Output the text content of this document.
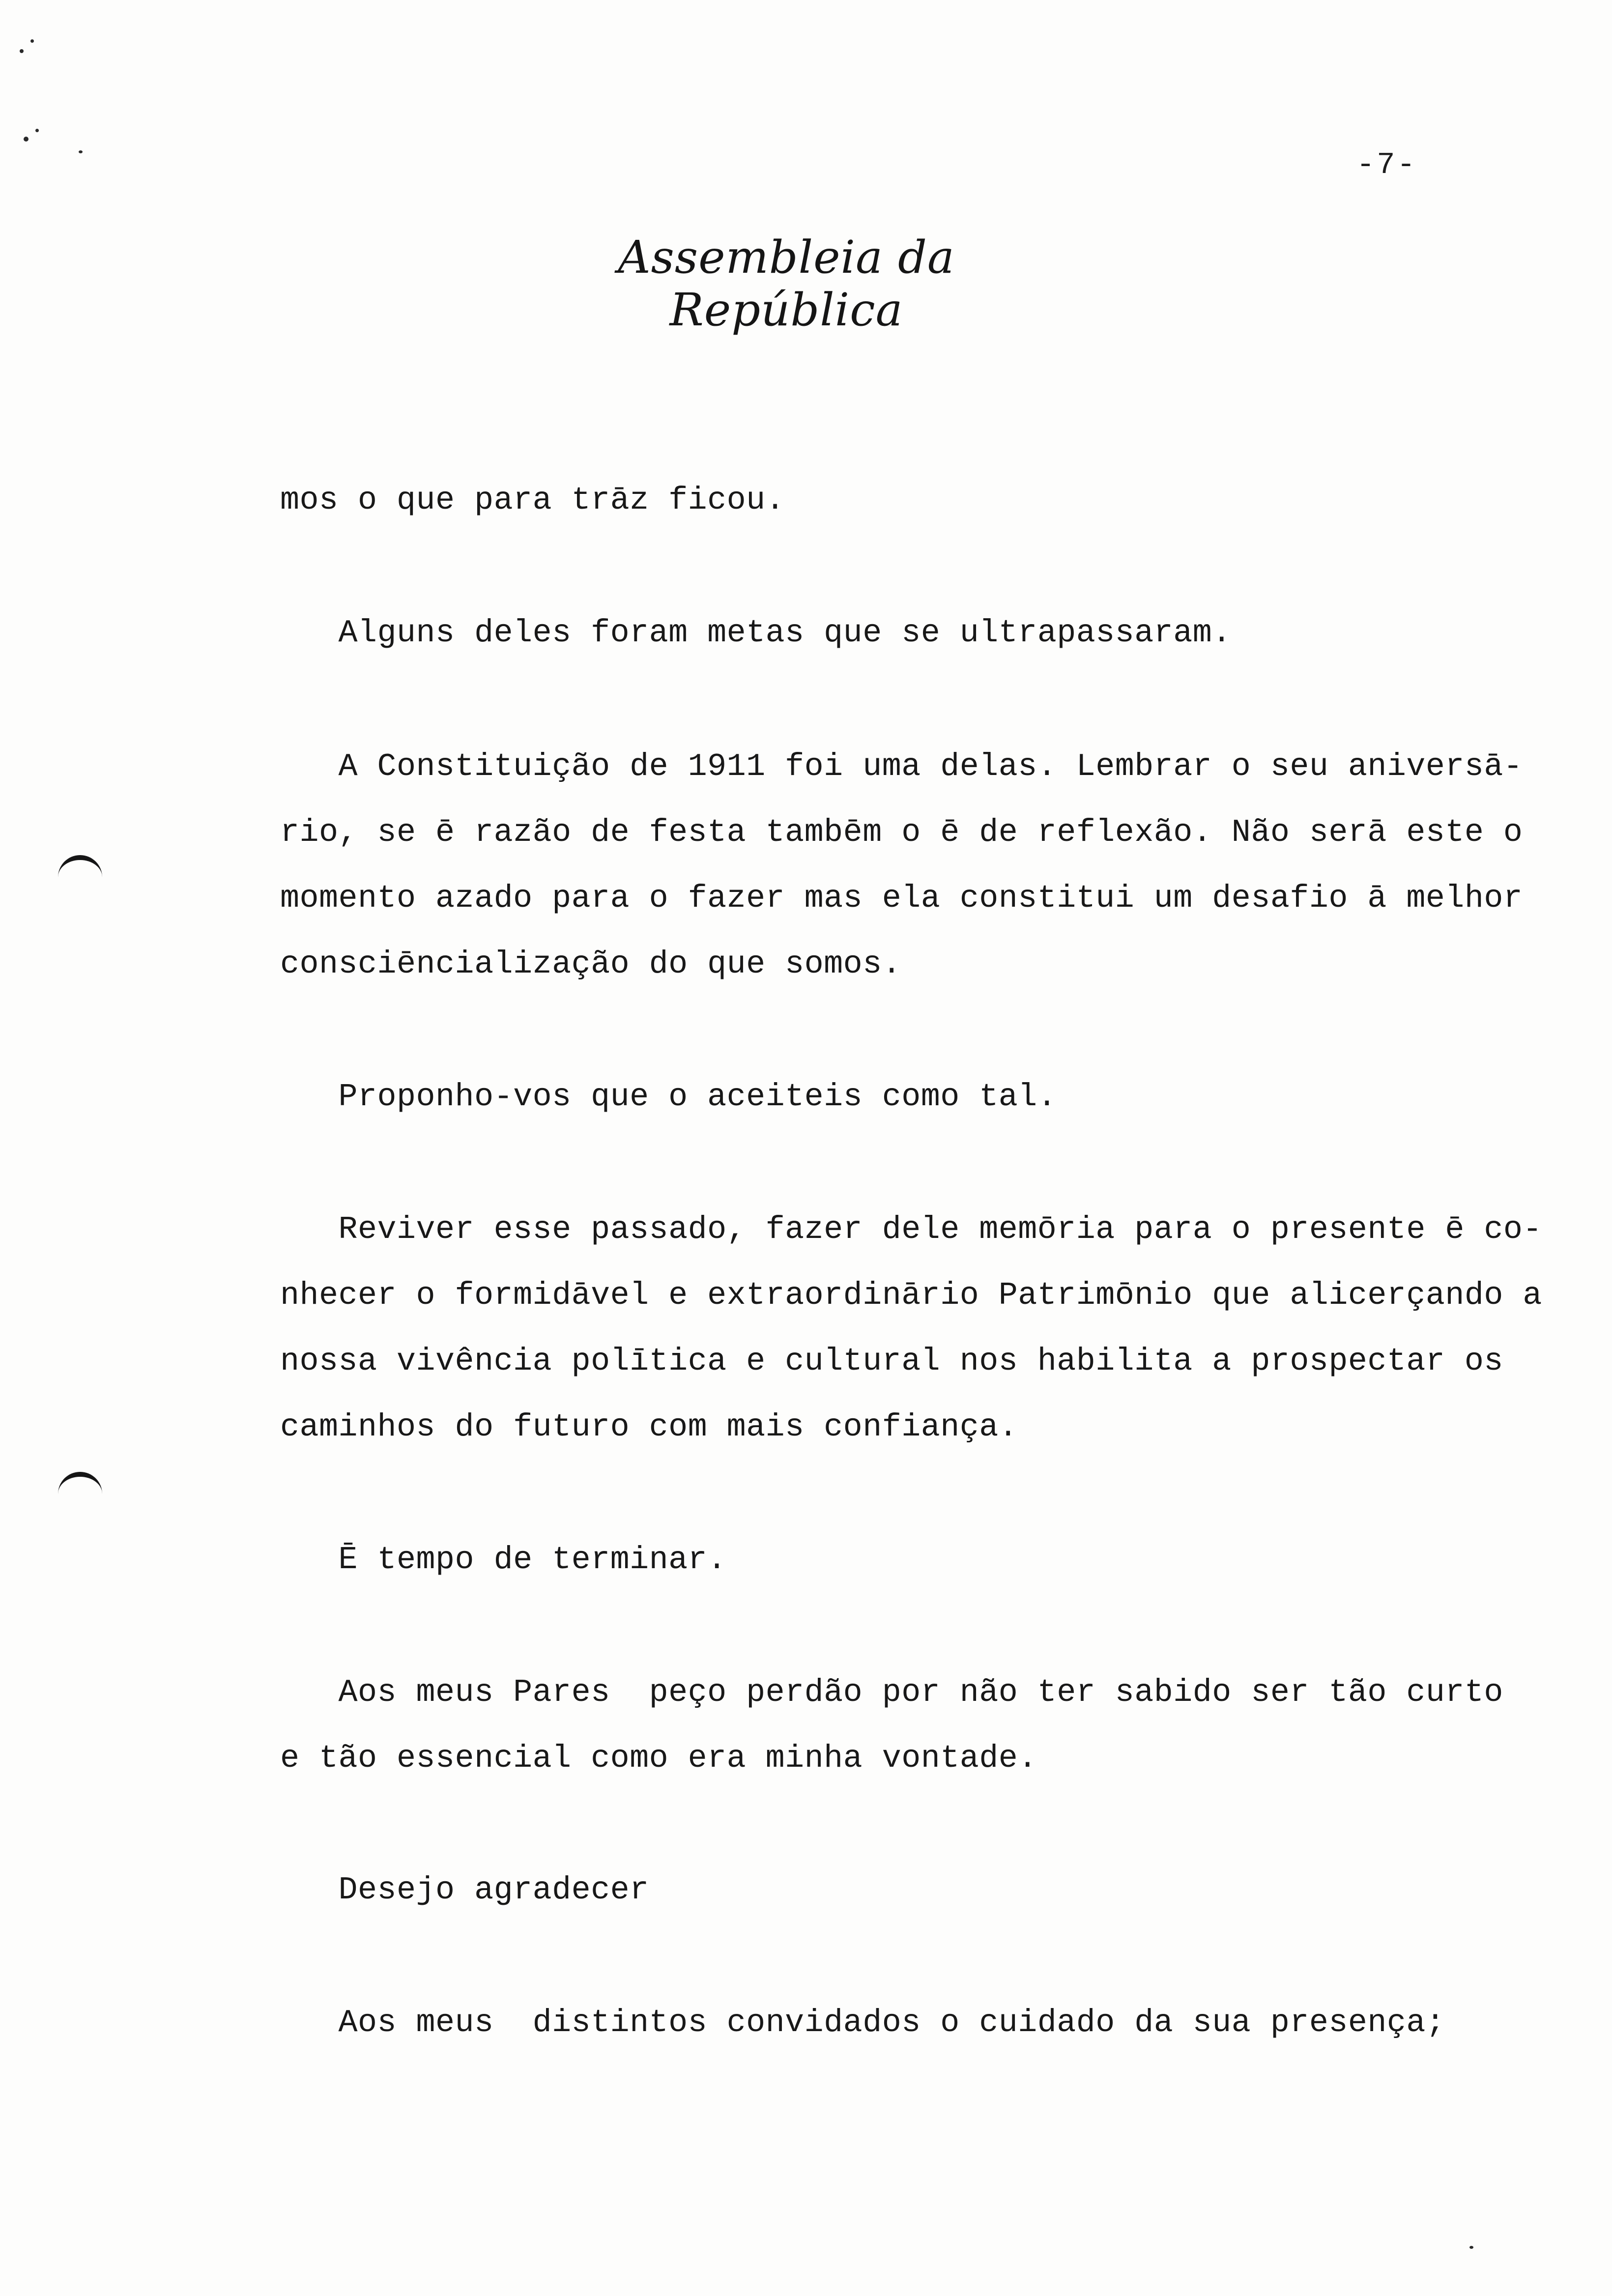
-7-
Assembleia da República
mos o que para trāz ficou.
Alguns deles foram metas que se ultrapassaram.
A Constituição de 1911 foi uma delas. Lembrar o seu aniversā-
rio, se ē razão de festa tambēm o ē de reflexão. Não serā este o
momento azado para o fazer mas ela constitui um desafio ā melhor
consciēncialização do que somos.
Proponho-vos que o aceiteis como tal.
Reviver esse passado, fazer dele memōria para o presente ē co-
nhecer o formidāvel e extraordinārio Patrimōnio que alicerçando a
nossa vivência polītica e cultural nos habilita a prospectar os
caminhos do futuro com mais confiança.
Ē tempo de terminar.
Aos meus Pares  peço perdão por não ter sabido ser tão curto
e tão essencial como era minha vontade.
Desejo agradecer
Aos meus  distintos convidados o cuidado da sua presença;
